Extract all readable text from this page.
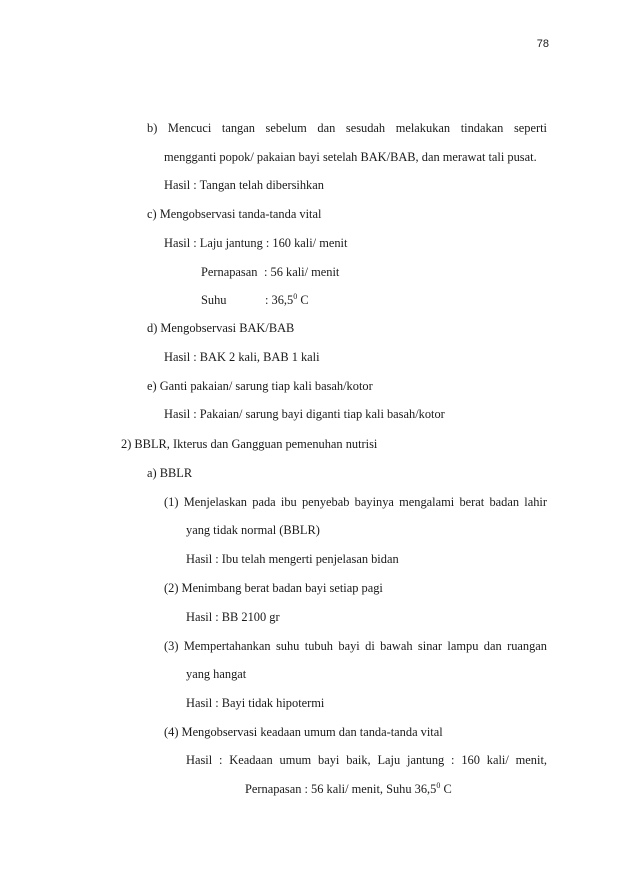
78
b) Mencuci tangan sebelum dan sesudah melakukan tindakan seperti
mengganti popok/ pakaian bayi setelah BAK/BAB, dan merawat tali pusat.
Hasil : Tangan telah dibersihkan
c) Mengobservasi tanda-tanda vital
Hasil : Laju jantung : 160 kali/ menit
Pernapasan : 56 kali/ menit
Suhu	: 36,5$^0$ C
d) Mengobservasi BAK/BAB
Hasil : BAK 2 kali, BAB 1 kali
e) Ganti pakaian/ sarung tiap kali basah/kotor
Hasil : Pakaian/ sarung bayi diganti tiap kali basah/kotor
2) BBLR, Ikterus dan Gangguan pemenuhan nutrisi
a) BBLR
(1) Menjelaskan pada ibu penyebab bayinya mengalami berat badan lahir
yang tidak normal (BBLR)
Hasil : Ibu telah mengerti penjelasan bidan
(2) Menimbang berat badan bayi setiap pagi
Hasil : BB 2100 gr
(3) Mempertahankan suhu tubuh bayi di bawah sinar lampu dan ruangan
yang hangat
Hasil : Bayi tidak hipotermi
(4) Mengobservasi keadaan umum dan tanda-tanda vital
Hasil : Keadaan umum bayi baik, Laju jantung : 160 kali/ menit,
Pernapasan : 56 kali/ menit, Suhu 36,5$^0$ C
